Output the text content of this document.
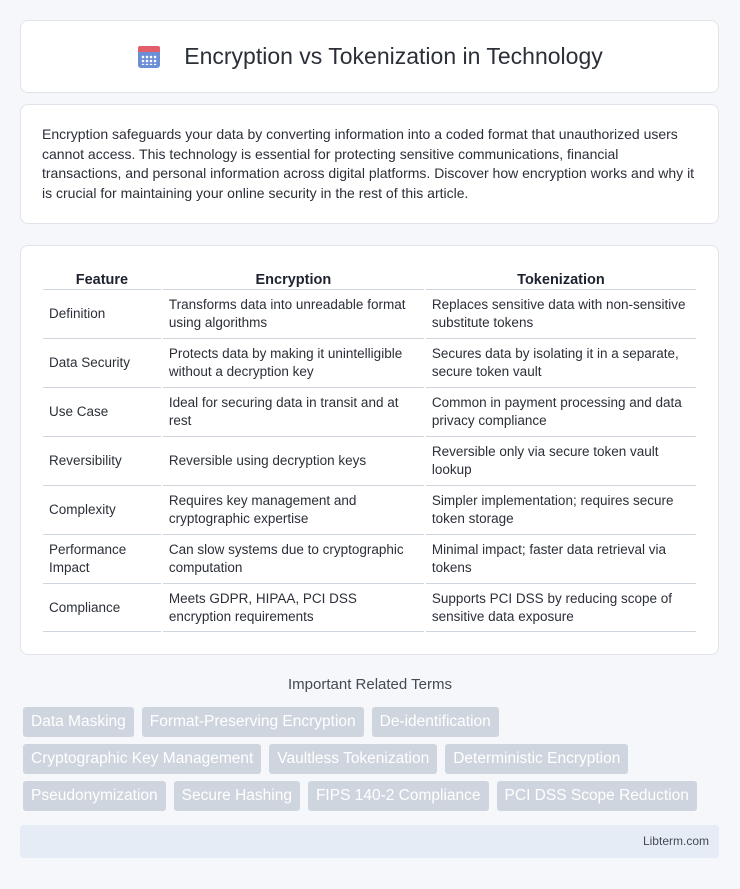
Encryption vs Tokenization in Technology

Encryption safeguards your data by converting information into a coded format that unauthorized users cannot access. This technology is essential for protecting sensitive communications, financial transactions, and personal information across digital platforms. Discover how encryption works and why it is crucial for maintaining your online security in the rest of this article.

Feature	Encryption	Tokenization
Definition	Transforms data into unreadable format using algorithms	Replaces sensitive data with non-sensitive substitute tokens
Data Security	Protects data by making it unintelligible without a decryption key	Secures data by isolating it in a separate, secure token vault
Use Case	Ideal for securing data in transit and at rest	Common in payment processing and data privacy compliance
Reversibility	Reversible using decryption keys	Reversible only via secure token vault lookup
Complexity	Requires key management and cryptographic expertise	Simpler implementation; requires secure token storage
Performance Impact	Can slow systems due to cryptographic computation	Minimal impact; faster data retrieval via tokens
Compliance	Meets GDPR, HIPAA, PCI DSS encryption requirements	Supports PCI DSS by reducing scope of sensitive data exposure
Important Related Terms
Data Masking	Format-Preserving Encryption	De-identification
Cryptographic Key Management	Vaultless Tokenization	Deterministic Encryption
Pseudonymization	Secure Hashing	FIPS 140-2 Compliance	PCI DSS Scope Reduction
Libterm.com
